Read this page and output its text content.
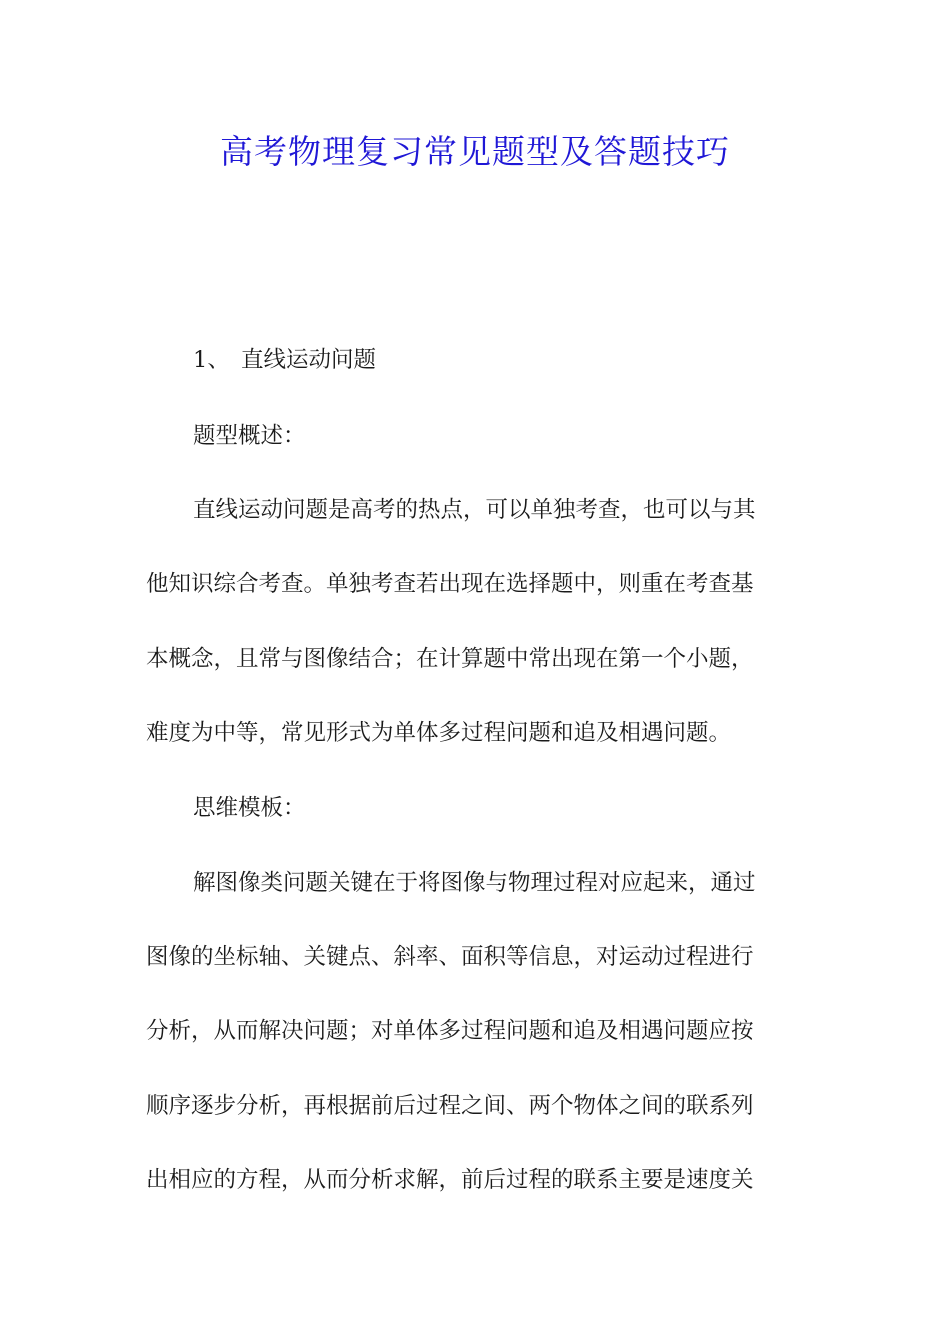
高考物理复习常见题型及答题技巧

1、 直线运动问题

题型概述：

直线运动问题是高考的热点，可以单独考查，也可以与其

他知识综合考查。单独考查若出现在选择题中，则重在考查基

本概念，且常与图像结合；在计算题中常出现在第一个小题，

难度为中等，常见形式为单体多过程问题和追及相遇问题。

思维模板：

解图像类问题关键在于将图像与物理过程对应起来，通过

图像的坐标轴、关键点、斜率、面积等信息，对运动过程进行

分析，从而解决问题；对单体多过程问题和追及相遇问题应按

顺序逐步分析，再根据前后过程之间、两个物体之间的联系列

出相应的方程，从而分析求解，前后过程的联系主要是速度关
